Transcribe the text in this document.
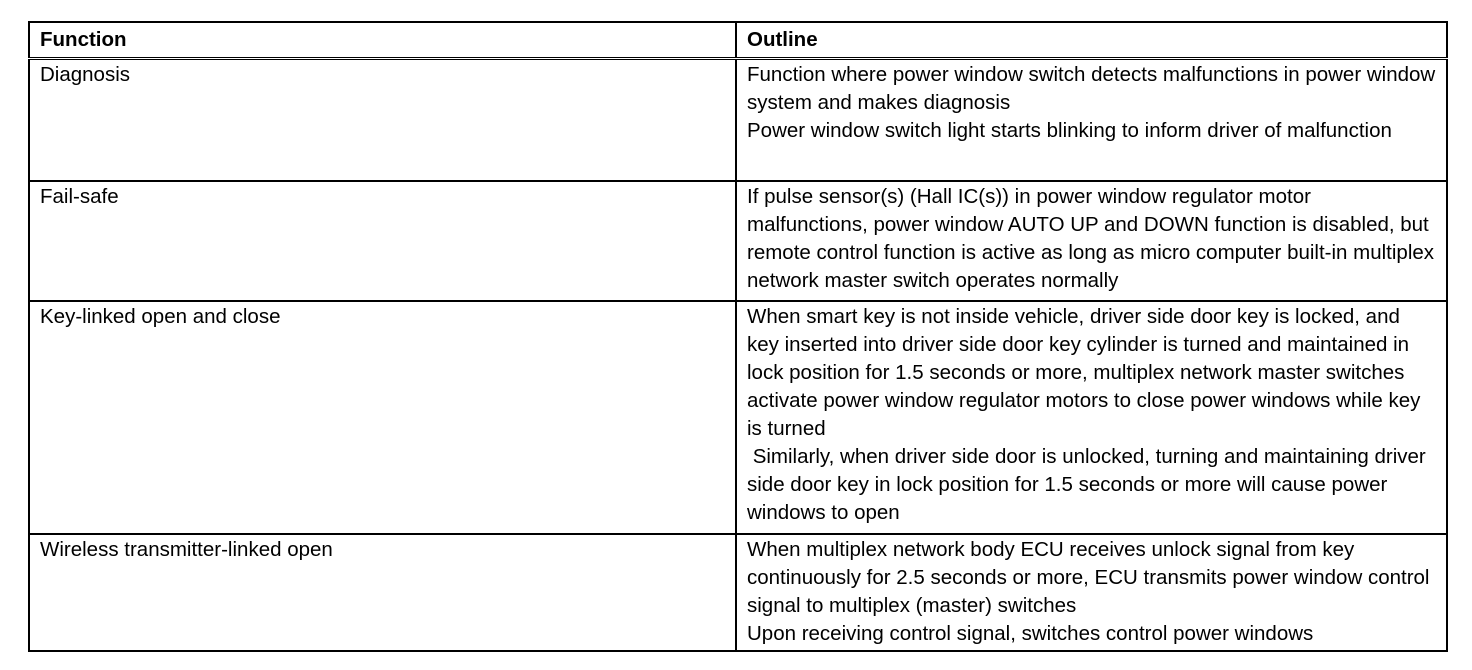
Function	Outline
Diagnosis	Function where power window switch detects malfunctions in power window system and makes diagnosis
Power window switch light starts blinking to inform driver of malfunction

Fail-safe	If pulse sensor(s) (Hall IC(s)) in power window regulator motor malfunctions, power window AUTO UP and DOWN function is disabled, but remote control function is active as long as micro computer built-in multiplex network master switch operates normally

Key-linked open and close	When smart key is not inside vehicle, driver side door key is locked, and key inserted into driver side door key cylinder is turned and maintained in lock position for 1.5 seconds or more, multiplex network master switches activate power window regulator motors to close power windows while key is turned
Similarly, when driver side door is unlocked, turning and maintaining driver side door key in lock position for 1.5 seconds or more will cause power windows to open

Wireless transmitter-linked open	When multiplex network body ECU receives unlock signal from key continuously for 2.5 seconds or more, ECU transmits power window control signal to multiplex (master) switches
Upon receiving control signal, switches control power windows
